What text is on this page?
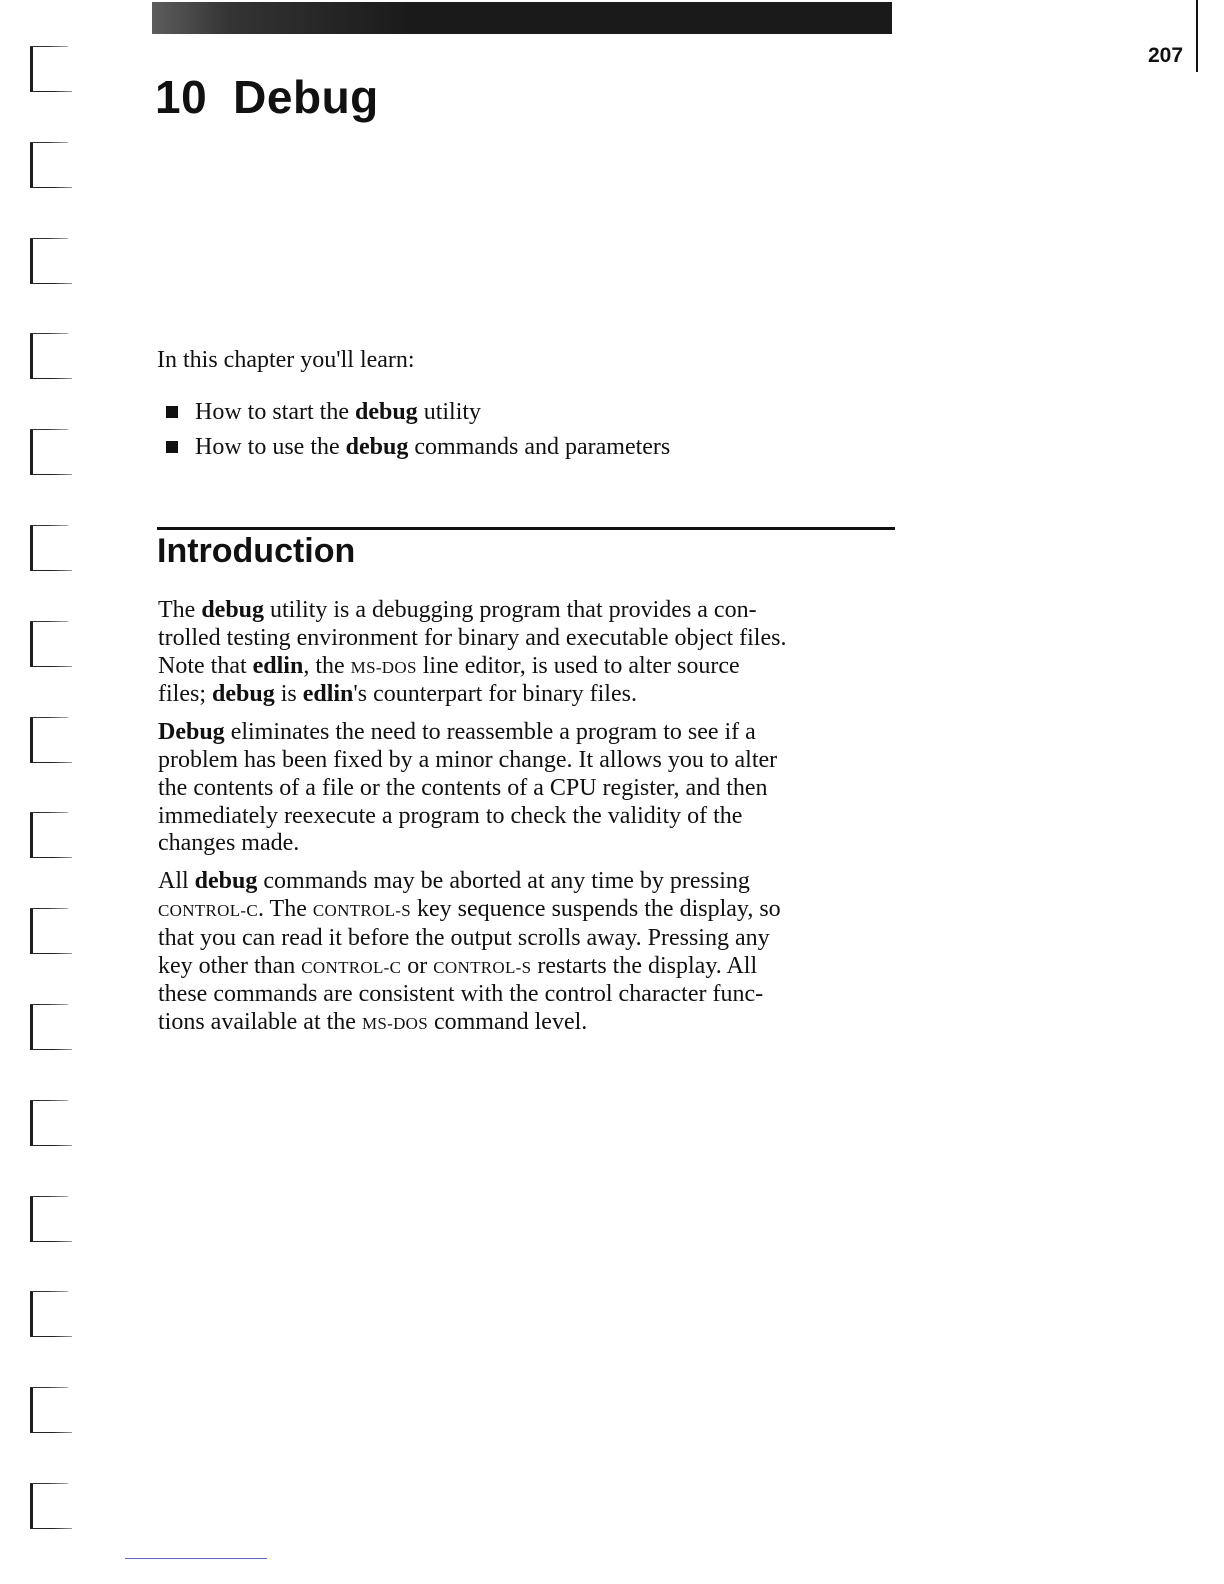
207
10 Debug

In this chapter you'll learn:

How to start the debug utility
How to use the debug commands and parameters
Introduction

The debug utility is a debugging program that provides a con-
trolled testing environment for binary and executable object files.
Note that edlin, the MS-DOS line editor, is used to alter source
files; debug is edlin's counterpart for binary files.

Debug eliminates the need to reassemble a program to see if a
problem has been fixed by a minor change. It allows you to alter
the contents of a file or the contents of a CPU register, and then
immediately reexecute a program to check the validity of the
changes made.

All debug commands may be aborted at any time by pressing
CONTROL-C. The CONTROL-S key sequence suspends the display, so
that you can read it before the output scrolls away. Pressing any
key other than CONTROL-C or CONTROL-S restarts the display. All
these commands are consistent with the control character func-
tions available at the MS-DOS command level.
